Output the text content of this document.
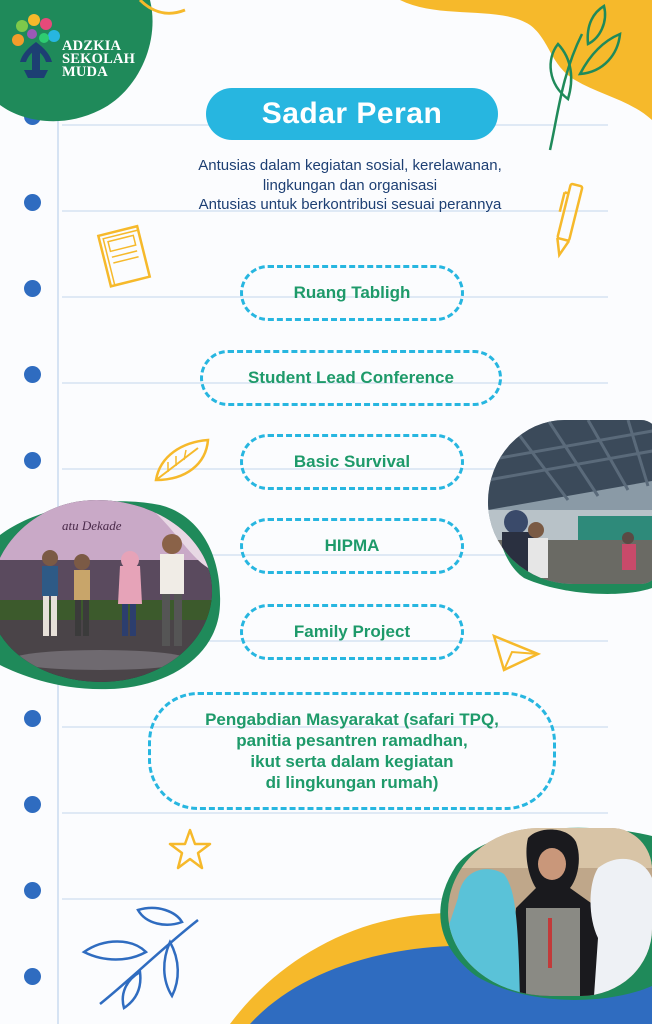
ADZKIA
SEKOLAH
MUDA
Sadar Peran
Antusias dalam kegiatan sosial, kerelawanan,
lingkungan dan organisasi
Antusias untuk berkontribusi sesuai perannya
Ruang Tabligh
Student Lead Conference
Basic Survival
HIPMA
Family Project
Pengabdian Masyarakat (safari TPQ,
panitia pesantren ramadhan,
ikut serta dalam kegiatan
di lingkungan rumah)
atu Dekade
